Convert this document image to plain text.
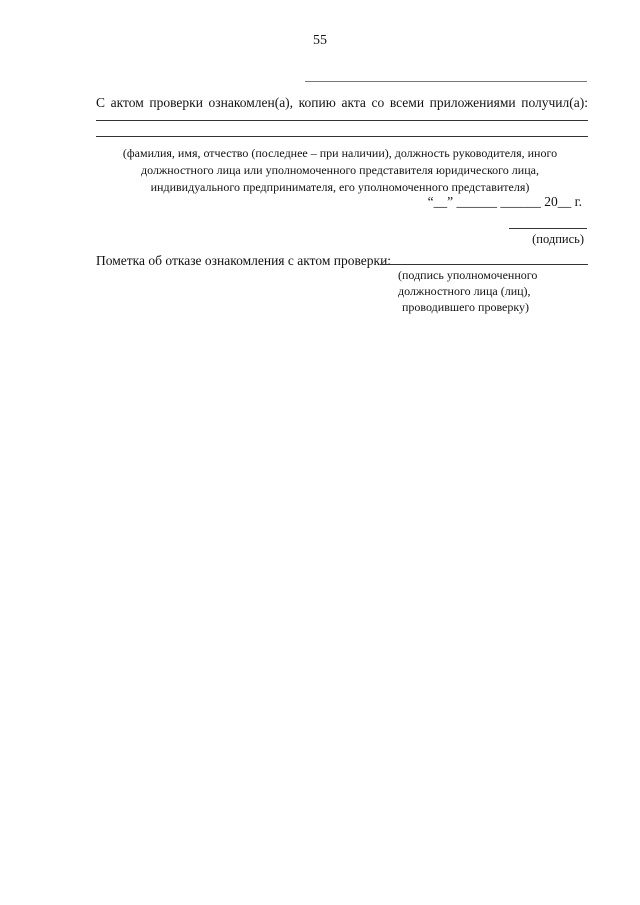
55
С актом проверки ознакомлен(а), копию акта со всеми приложениями получил(а):
(фамилия, имя, отчество (последнее – при наличии), должность руководителя, иного
должностного лица или уполномоченного представителя юридического лица,
индивидуального предпринимателя, его уполномоченного представителя)
“__” ______ ______ 20__ г.
(подпись)
Пометка об отказе ознакомления с актом проверки:
(подпись уполномоченного
должностного лица (лиц),
проводившего проверку)
